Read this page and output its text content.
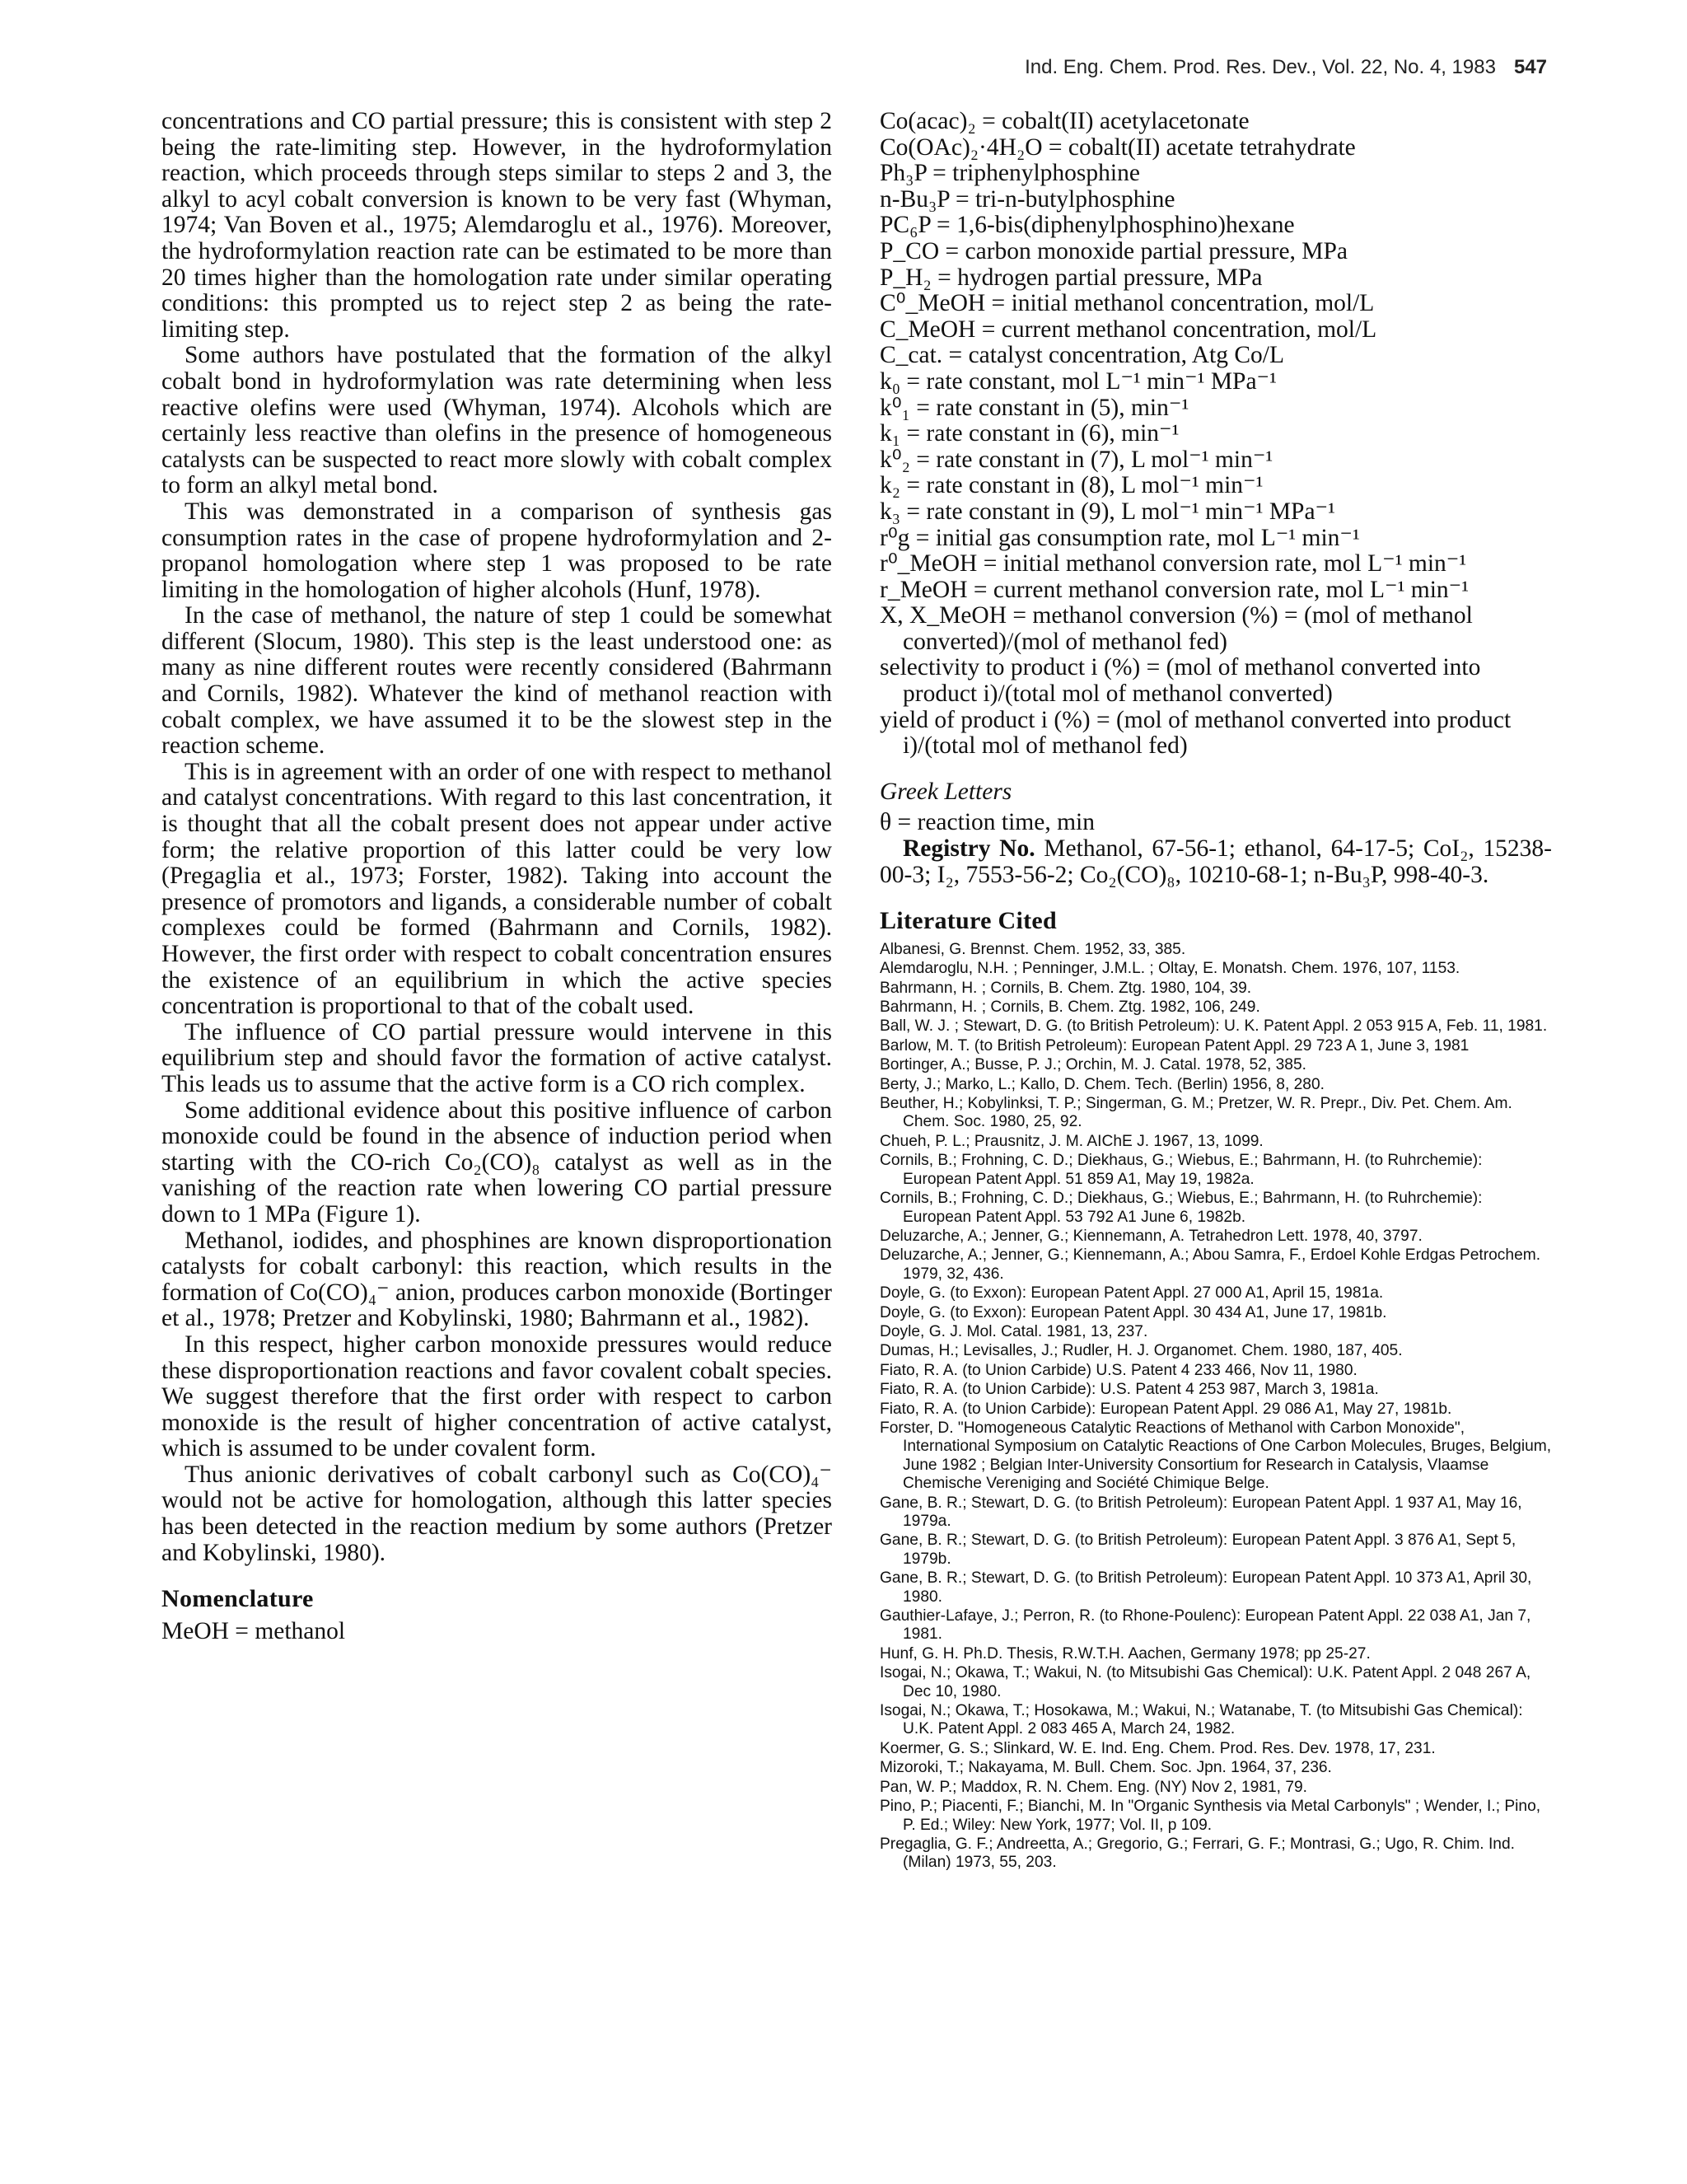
Ind. Eng. Chem. Prod. Res. Dev., Vol. 22, No. 4, 1983 547

concentrations and CO partial pressure; this is consistent with step 2 being the rate-limiting step. However, in the hydroformylation reaction, which proceeds through steps similar to steps 2 and 3, the alkyl to acyl cobalt conversion is known to be very fast (Whyman, 1974; Van Boven et al., 1975; Alemdaroglu et al., 1976). Moreover, the hydroformylation reaction rate can be estimated to be more than 20 times higher than the homologation rate under similar operating conditions: this prompted us to reject step 2 as being the rate-limiting step.

Some authors have postulated that the formation of the alkyl cobalt bond in hydroformylation was rate determining when less reactive olefins were used (Whyman, 1974). Alcohols which are certainly less reactive than olefins in the presence of homogeneous catalysts can be suspected to react more slowly with cobalt complex to form an alkyl metal bond.

This was demonstrated in a comparison of synthesis gas consumption rates in the case of propene hydroformylation and 2-propanol homologation where step 1 was proposed to be rate limiting in the homologation of higher alcohols (Hunf, 1978).

In the case of methanol, the nature of step 1 could be somewhat different (Slocum, 1980). This step is the least understood one: as many as nine different routes were recently considered (Bahrmann and Cornils, 1982). Whatever the kind of methanol reaction with cobalt complex, we have assumed it to be the slowest step in the reaction scheme.

This is in agreement with an order of one with respect to methanol and catalyst concentrations. With regard to this last concentration, it is thought that all the cobalt present does not appear under active form; the relative proportion of this latter could be very low (Pregaglia et al., 1973; Forster, 1982). Taking into account the presence of promotors and ligands, a considerable number of cobalt complexes could be formed (Bahrmann and Cornils, 1982). However, the first order with respect to cobalt concentration ensures the existence of an equilibrium in which the active species concentration is proportional to that of the cobalt used.

The influence of CO partial pressure would intervene in this equilibrium step and should favor the formation of active catalyst. This leads us to assume that the active form is a CO rich complex.

Some additional evidence about this positive influence of carbon monoxide could be found in the absence of induction period when starting with the CO-rich Co₂(CO)₈ catalyst as well as in the vanishing of the reaction rate when lowering CO partial pressure down to 1 MPa (Figure 1).

Methanol, iodides, and phosphines are known disproportionation catalysts for cobalt carbonyl: this reaction, which results in the formation of Co(CO)₄⁻ anion, produces carbon monoxide (Bortinger et al., 1978; Pretzer and Kobylinski, 1980; Bahrmann et al., 1982).

In this respect, higher carbon monoxide pressures would reduce these disproportionation reactions and favor covalent cobalt species. We suggest therefore that the first order with respect to carbon monoxide is the result of higher concentration of active catalyst, which is assumed to be under covalent form.

Thus anionic derivatives of cobalt carbonyl such as Co(CO)₄⁻ would not be active for homologation, although this latter species has been detected in the reaction medium by some authors (Pretzer and Kobylinski, 1980).

Nomenclature
MeOH = methanol
Co(acac)₂ = cobalt(II) acetylacetonate
Co(OAc)₂·4H₂O = cobalt(II) acetate tetrahydrate
Ph₃P = triphenylphosphine
n-Bu₃P = tri-n-butylphosphine
PC₆P = 1,6-bis(diphenylphosphino)hexane
P_CO = carbon monoxide partial pressure, MPa
P_H₂ = hydrogen partial pressure, MPa
C⁰_MeOH = initial methanol concentration, mol/L
C_MeOH = current methanol concentration, mol/L
C_cat. = catalyst concentration, Atg Co/L
k₀ = rate constant, mol L⁻¹ min⁻¹ MPa⁻¹
k⁰₁ = rate constant in (5), min⁻¹
k₁ = rate constant in (6), min⁻¹
k⁰₂ = rate constant in (7), L mol⁻¹ min⁻¹
k₂ = rate constant in (8), L mol⁻¹ min⁻¹
k₃ = rate constant in (9), L mol⁻¹ min⁻¹ MPa⁻¹
r⁰g = initial gas consumption rate, mol L⁻¹ min⁻¹
r⁰_MeOH = initial methanol conversion rate, mol L⁻¹ min⁻¹
r_MeOH = current methanol conversion rate, mol L⁻¹ min⁻¹
X, X_MeOH = methanol conversion (%) = (mol of methanol converted)/(mol of methanol fed)
selectivity to product i (%) = (mol of methanol converted into product i)/(total mol of methanol converted)
yield of product i (%) = (mol of methanol converted into product i)/(total mol of methanol fed)
Greek Letters
θ = reaction time, min

Registry No. Methanol, 67-56-1; ethanol, 64-17-5; CoI₂, 15238-00-3; I₂, 7553-56-2; Co₂(CO)₈, 10210-68-1; n-Bu₃P, 998-40-3.

Literature Cited
Albanesi, G. Brennst. Chem. 1952, 33, 385.
Alemdaroglu, N.H. ; Penninger, J.M.L. ; Oltay, E. Monatsh. Chem. 1976, 107, 1153.
Bahrmann, H. ; Cornils, B. Chem. Ztg. 1980, 104, 39.
Bahrmann, H. ; Cornils, B. Chem. Ztg. 1982, 106, 249.
Ball, W. J. ; Stewart, D. G. (to British Petroleum): U. K. Patent Appl. 2 053 915 A, Feb. 11, 1981.
Barlow, M. T. (to British Petroleum): European Patent Appl. 29 723 A 1, June 3, 1981
Bortinger, A.; Busse, P. J.; Orchin, M. J. Catal. 1978, 52, 385.
Berty, J.; Marko, L.; Kallo, D. Chem. Tech. (Berlin) 1956, 8, 280.
Beuther, H.; Kobylinksi, T. P.; Singerman, G. M.; Pretzer, W. R. Prepr., Div. Pet. Chem. Am. Chem. Soc. 1980, 25, 92.
Chueh, P. L.; Prausnitz, J. M. AIChE J. 1967, 13, 1099.
Cornils, B.; Frohning, C. D.; Diekhaus, G.; Wiebus, E.; Bahrmann, H. (to Ruhrchemie): European Patent Appl. 51 859 A1, May 19, 1982a.
Cornils, B.; Frohning, C. D.; Diekhaus, G.; Wiebus, E.; Bahrmann, H. (to Ruhrchemie): European Patent Appl. 53 792 A1 June 6, 1982b.
Deluzarche, A.; Jenner, G.; Kiennemann, A. Tetrahedron Lett. 1978, 40, 3797.
Deluzarche, A.; Jenner, G.; Kiennemann, A.; Abou Samra, F., Erdoel Kohle Erdgas Petrochem. 1979, 32, 436.
Doyle, G. (to Exxon): European Patent Appl. 27 000 A1, April 15, 1981a.
Doyle, G. (to Exxon): European Patent Appl. 30 434 A1, June 17, 1981b.
Doyle, G. J. Mol. Catal. 1981, 13, 237.
Dumas, H.; Levisalles, J.; Rudler, H. J. Organomet. Chem. 1980, 187, 405.
Fiato, R. A. (to Union Carbide) U.S. Patent 4 233 466, Nov 11, 1980.
Fiato, R. A. (to Union Carbide): U.S. Patent 4 253 987, March 3, 1981a.
Fiato, R. A. (to Union Carbide): European Patent Appl. 29 086 A1, May 27, 1981b.
Forster, D. "Homogeneous Catalytic Reactions of Methanol with Carbon Monoxide", International Symposium on Catalytic Reactions of One Carbon Molecules, Bruges, Belgium, June 1982 ; Belgian Inter-University Consortium for Research in Catalysis, Vlaamse Chemische Vereniging and Société Chimique Belge.
Gane, B. R.; Stewart, D. G. (to British Petroleum): European Patent Appl. 1 937 A1, May 16, 1979a.
Gane, B. R.; Stewart, D. G. (to British Petroleum): European Patent Appl. 3 876 A1, Sept 5, 1979b.
Gane, B. R.; Stewart, D. G. (to British Petroleum): European Patent Appl. 10 373 A1, April 30, 1980.
Gauthier-Lafaye, J.; Perron, R. (to Rhone-Poulenc): European Patent Appl. 22 038 A1, Jan 7, 1981.
Hunf, G. H. Ph.D. Thesis, R.W.T.H. Aachen, Germany 1978; pp 25-27.
Isogai, N.; Okawa, T.; Wakui, N. (to Mitsubishi Gas Chemical): U.K. Patent Appl. 2 048 267 A, Dec 10, 1980.
Isogai, N.; Okawa, T.; Hosokawa, M.; Wakui, N.; Watanabe, T. (to Mitsubishi Gas Chemical): U.K. Patent Appl. 2 083 465 A, March 24, 1982.
Koermer, G. S.; Slinkard, W. E. Ind. Eng. Chem. Prod. Res. Dev. 1978, 17, 231.
Mizoroki, T.; Nakayama, M. Bull. Chem. Soc. Jpn. 1964, 37, 236.
Pan, W. P.; Maddox, R. N. Chem. Eng. (NY) Nov 2, 1981, 79.
Pino, P.; Piacenti, F.; Bianchi, M. In "Organic Synthesis via Metal Carbonyls" ; Wender, I.; Pino, P. Ed.; Wiley: New York, 1977; Vol. II, p 109.
Pregaglia, G. F.; Andreetta, A.; Gregorio, G.; Ferrari, G. F.; Montrasi, G.; Ugo, R. Chim. Ind. (Milan) 1973, 55, 203.
